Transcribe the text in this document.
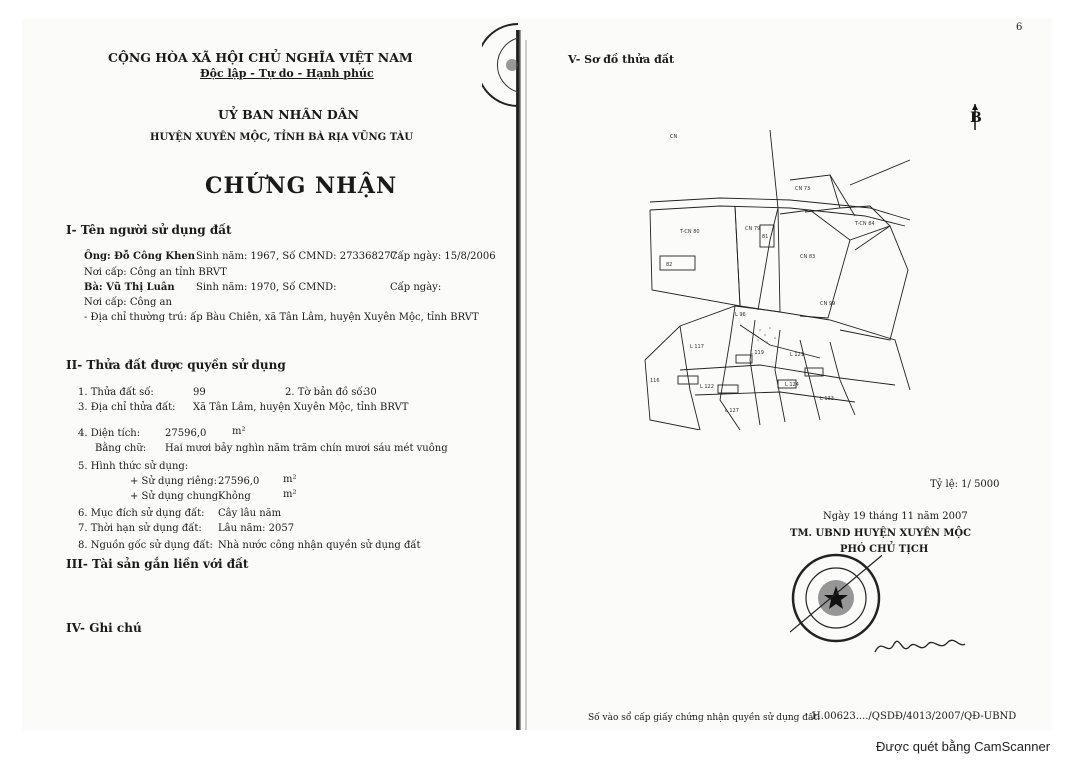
CỘNG HÒA XÃ HỘI CHỦ NGHĨA VIỆT NAM
Độc lập - Tự do - Hạnh phúc
UỶ BAN NHÂN DÂN
HUYỆN XUYÊN MỘC, TỈNH BÀ RỊA VŨNG TÀU
CHỨNG NHẬN
I- Tên người sử dụng đất
Ông: Đỗ Công Khen Sinh năm: 1967, Số CMND: 273368277
Cấp ngày: 15/8/2006
Nơi cấp: Công an tỉnh BRVT
Bà: Vũ Thị Luân Sinh năm: 1970, Số CMND:	Cấp ngày:
Nơi cấp: Công an
- Địa chỉ thường trú: ấp Bàu Chiên, xã Tân Lâm, huyện Xuyên Mộc, tỉnh BRVT
II- Thửa đất được quyền sử dụng
1. Thửa đất số:	99	2. Tờ bản đồ số:
30
3. Địa chỉ thửa đất: Xã Tân Lâm, huyện Xuyên Mộc, tỉnh BRVT
4. Diện tích: 27596,0	m²
Bằng chữ: Hai mươi bảy nghìn năm trăm chín mươi sáu mét vuông
5. Hình thức sử dụng:
+ Sử dụng riêng: 27596,0 m²
+ Sử dụng chung:
Không	m²
6. Mục đích sử dụng đất: Cây lâu năm
7. Thời hạn sử dụng đất: Lâu năm: 2057
8. Nguồn gốc sử dụng đất: Nhà nước công nhận quyền sử dụng đất
III- Tài sản gắn liền với đất
IV- Ghi chú
6
V- Sơ đồ thửa đất
B
CN
CN 73
T-CN 80	CN 79
81
CN 83
T-CN 84
CN 99
82
L 96
L 117
L 119	L 121
L 122	L 124
L 127
L 133
116
Tỷ lệ: 1/ 5000
Ngày 19 tháng 11 năm 2007
TM. UBND HUYỆN XUYÊN MỘC
PHÓ CHỦ TỊCH
Số vào sổ cấp giấy chứng nhận quyền sử dụng đất:
H.00623..../QSDĐ/4013/2007/QĐ-UBND
Được quét bằng CamScanner
